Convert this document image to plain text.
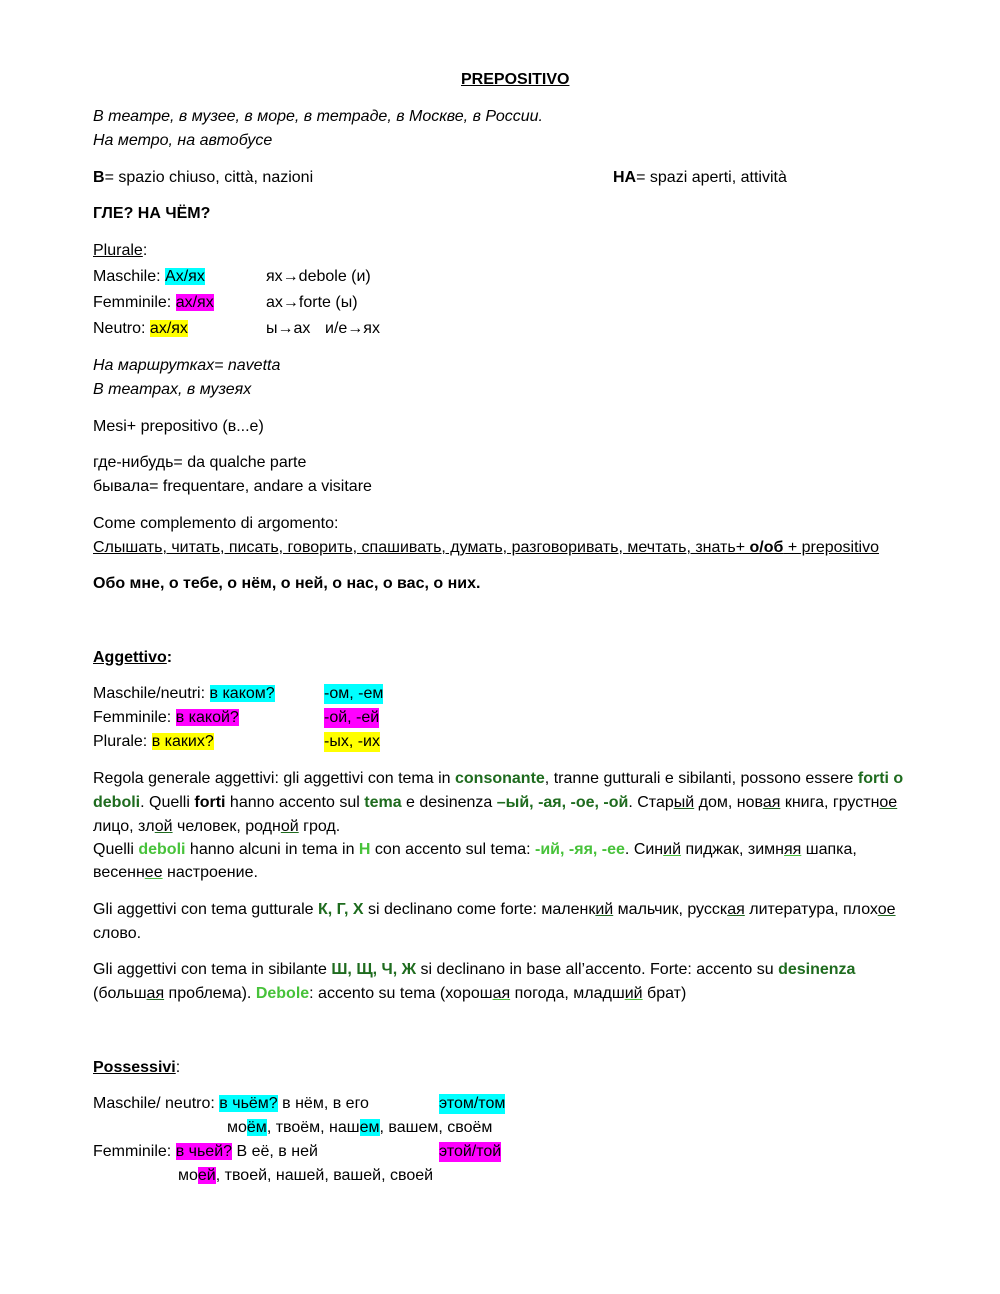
PREPOSITIVO
В театре, в музее, в море, в тетраде, в Москве, в России.
На метро, на автобусе
В= spazio chiuso, città, nazioni	НА= spazi aperti, attività
ГЛЕ? НА ЧЁМ?
Plurale:
Maschile: Ах/ях	ях→debole (и)
Femminile: ах/ях	ах→forte (ы)
Neutro: ах/ях	ы→ах и/е→ях
На маршрутках= navetta
В театрах, в музеях
Mesi+ prepositivo (в...е)
где-нибудь= da qualche parte
бывала= frequentare, andare a visitare
Come complemento di argomento:
Слышать, читать, писать, говорить, спашивать, думать, разговоривать, мечтать, знать+ о/об + prepositivo
Обо мне, о тебе, о нём, о ней, о нас, о вас, о них.
Aggettivo:
Maschile/neutri: в каком?	-ом, -ем
Femminile: в какой?	-ой, -ей
Plurale: в каких?	-ых, -их
Regola generale aggettivi: gli aggettivi con tema in consonante, tranne gutturali e sibilanti, possono essere forti o
deboli. Quelli forti hanno accento sul tema e desinenza –ый, -ая, -ое, -ой. Старый дом, новая книга, грустное
лицо, злой человек, родной грод.
Quelli deboli hanno alcuni in tema in Н con accento sul tema: -ий, -яя, -ее. Синий пиджак, зимняя шапка,
весеннее настроение.
Gli aggettivi con tema gutturale К, Г, Х si declinano come forte: маленкий мальчик, русская литература, плохое
слово.
Gli aggettivi con tema in sibilante Ш, Щ, Ч, Ж si declinano in base all’accento. Forte: accento su desinenza
(большая проблема). Debole: accento su tema (хорошая погода, младший брат)
Possessivi:
Maschile/ neutro: в чьём? в нём, в его	этом/том
моём, твоём, нашем, вашем, своём
Femminile: в чьей? В её, в ней	этой/той
моей, твоей, нашей, вашей, своей
